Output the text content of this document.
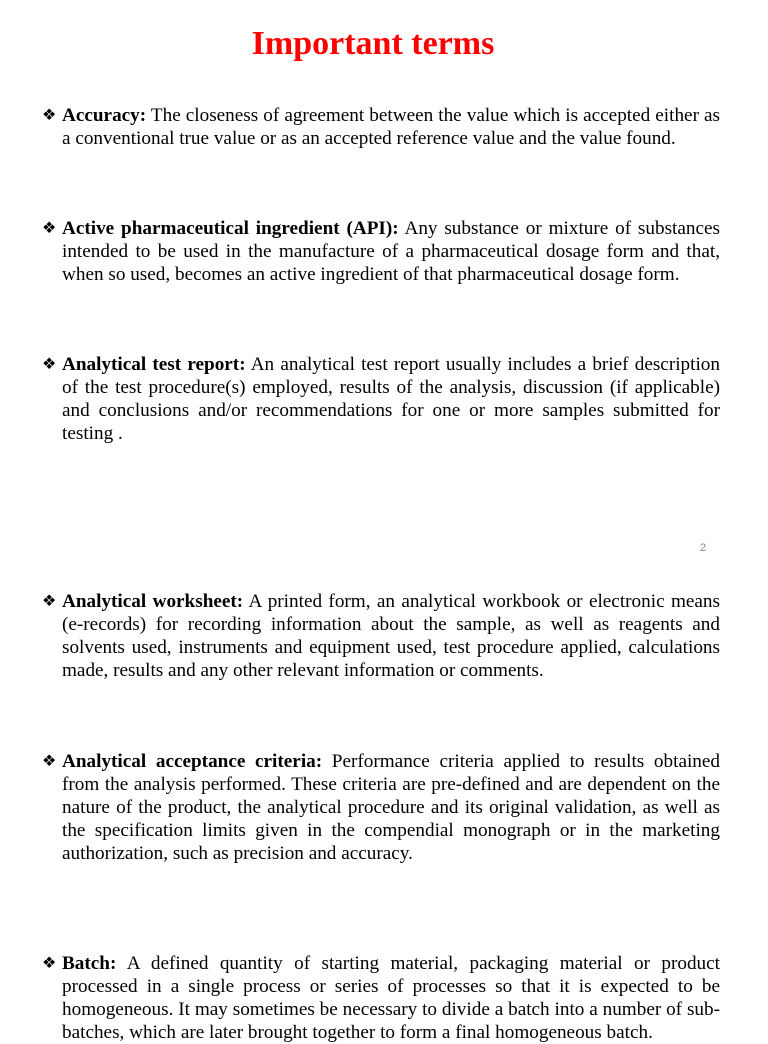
Important terms
❖ Accuracy: The closeness of agreement between the value which is accepted either as a conventional true value or as an accepted reference value and the value found.
❖ Active pharmaceutical ingredient (API): Any substance or mixture of substances intended to be used in the manufacture of a pharmaceutical dosage form and that, when so used, becomes an active ingredient of that pharmaceutical dosage form.
❖ Analytical test report: An analytical test report usually includes a brief description of the test procedure(s) employed, results of the analysis, discussion (if applicable) and conclusions and/or recommendations for one or more samples submitted for testing .
2
❖ Analytical worksheet: A printed form, an analytical workbook or electronic means (e-records) for recording information about the sample, as well as reagents and solvents used, instruments and equipment used, test procedure applied, calculations made, results and any other relevant information or comments.
❖ Analytical acceptance criteria: Performance criteria applied to results obtained from the analysis performed. These criteria are pre-defined and are dependent on the nature of the product, the analytical procedure and its original validation, as well as the specification limits given in the compendial monograph or in the marketing authorization, such as precision and accuracy.
❖ Batch: A defined quantity of starting material, packaging material or product processed in a single process or series of processes so that it is expected to be homogeneous. It may sometimes be necessary to divide a batch into a number of sub-batches, which are later brought together to form a final homogeneous batch.
